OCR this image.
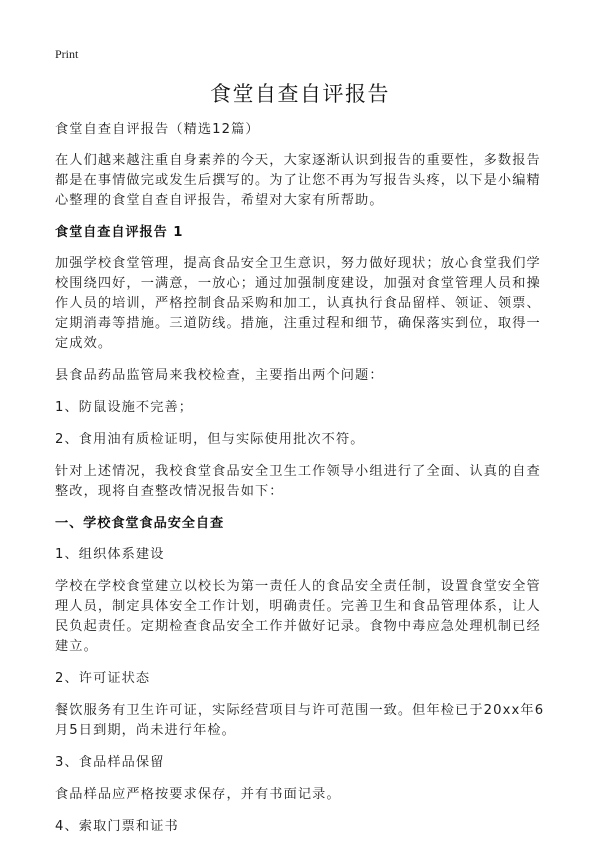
Print
食堂自查自评报告

食堂自查自评报告（精选12篇）

在人们越来越注重自身素养的今天，大家逐渐认识到报告的重要性，多数报告都是在事情做完或发生后撰写的。为了让您不再为写报告头疼，以下是小编精心整理的食堂自查自评报告，希望对大家有所帮助。

食堂自查自评报告 1

加强学校食堂管理，提高食品安全卫生意识，努力做好现状；放心食堂我们学校围绕四好，一满意，一放心；通过加强制度建设，加强对食堂管理人员和操作人员的培训，严格控制食品采购和加工，认真执行食品留样、领证、领票、定期消毒等措施。三道防线。措施，注重过程和细节，确保落实到位，取得一定成效。

县食品药品监管局来我校检查，主要指出两个问题：

1、防鼠设施不完善；

2、食用油有质检证明，但与实际使用批次不符。

针对上述情况，我校食堂食品安全卫生工作领导小组进行了全面、认真的自查整改，现将自查整改情况报告如下：

一、学校食堂食品安全自查

1、组织体系建设

学校在学校食堂建立以校长为第一责任人的食品安全责任制，设置食堂安全管理人员，制定具体安全工作计划，明确责任。完善卫生和食品管理体系，让人民负起责任。定期检查食品安全工作并做好记录。食物中毒应急处理机制已经建立。

2、许可证状态

餐饮服务有卫生许可证，实际经营项目与许可范围一致。但年检已于20xx年6月5日到期，尚未进行年检。

3、食品样品保留

食品样品应严格按要求保存，并有书面记录。

4、索取门票和证书
